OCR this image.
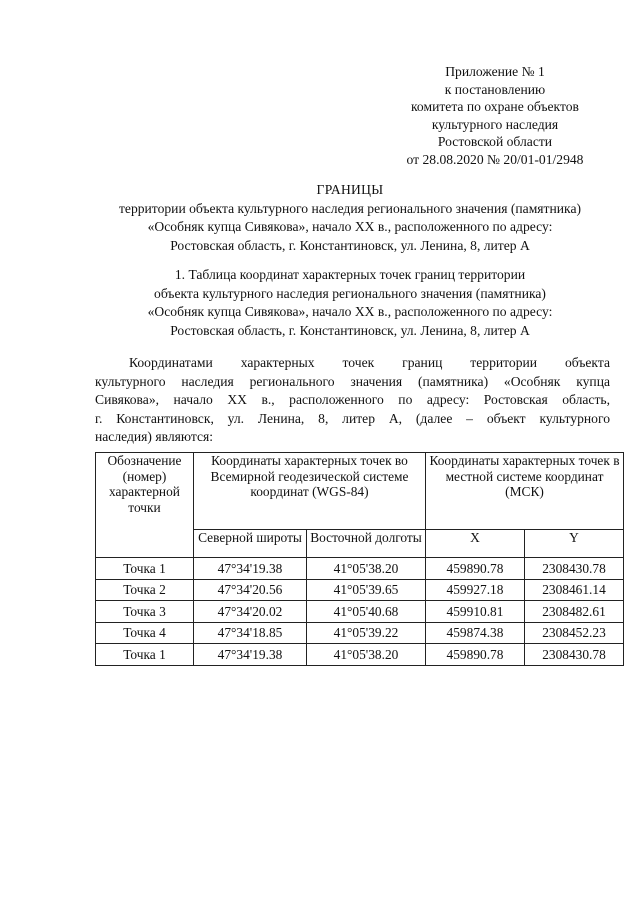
Приложение № 1
к постановлению
комитета по охране объектов
культурного наследия
Ростовской области
от 28.08.2020 № 20/01-01/2948
ГРАНИЦЫ
территории объекта культурного наследия регионального значения (памятника)
«Особняк купца Сивякова», начало XX в., расположенного по адресу:
Ростовская область, г. Константиновск, ул. Ленина, 8, литер А
1. Таблица координат характерных точек границ территории
объекта культурного наследия регионального значения (памятника)
«Особняк купца Сивякова», начало XX в., расположенного по адресу:
Ростовская область, г. Константиновск, ул. Ленина, 8, литер А
Координатами характерных точек границ территории объекта
культурного наследия регионального значения (памятника) «Особняк купца
Сивякова», начало XX в., расположенного по адресу: Ростовская область,
г. Константиновск, ул. Ленина, 8, литер А, (далее – объект культурного
наследия) являются:
Обозначение (номер) характерной точки	Координаты характерных точек во Всемирной геодезической системе координат (WGS-84)		Координаты характерных точек в местной системе координат (МСК)	
	Северной широты	Восточной долготы	X	Y
Точка 1	47°34'19.38	41°05'38.20	459890.78	2308430.78
Точка 2	47°34'20.56	41°05'39.65	459927.18	2308461.14
Точка 3	47°34'20.02	41°05'40.68	459910.81	2308482.61
Точка 4	47°34'18.85	41°05'39.22	459874.38	2308452.23
Точка 1	47°34'19.38	41°05'38.20	459890.78	2308430.78
